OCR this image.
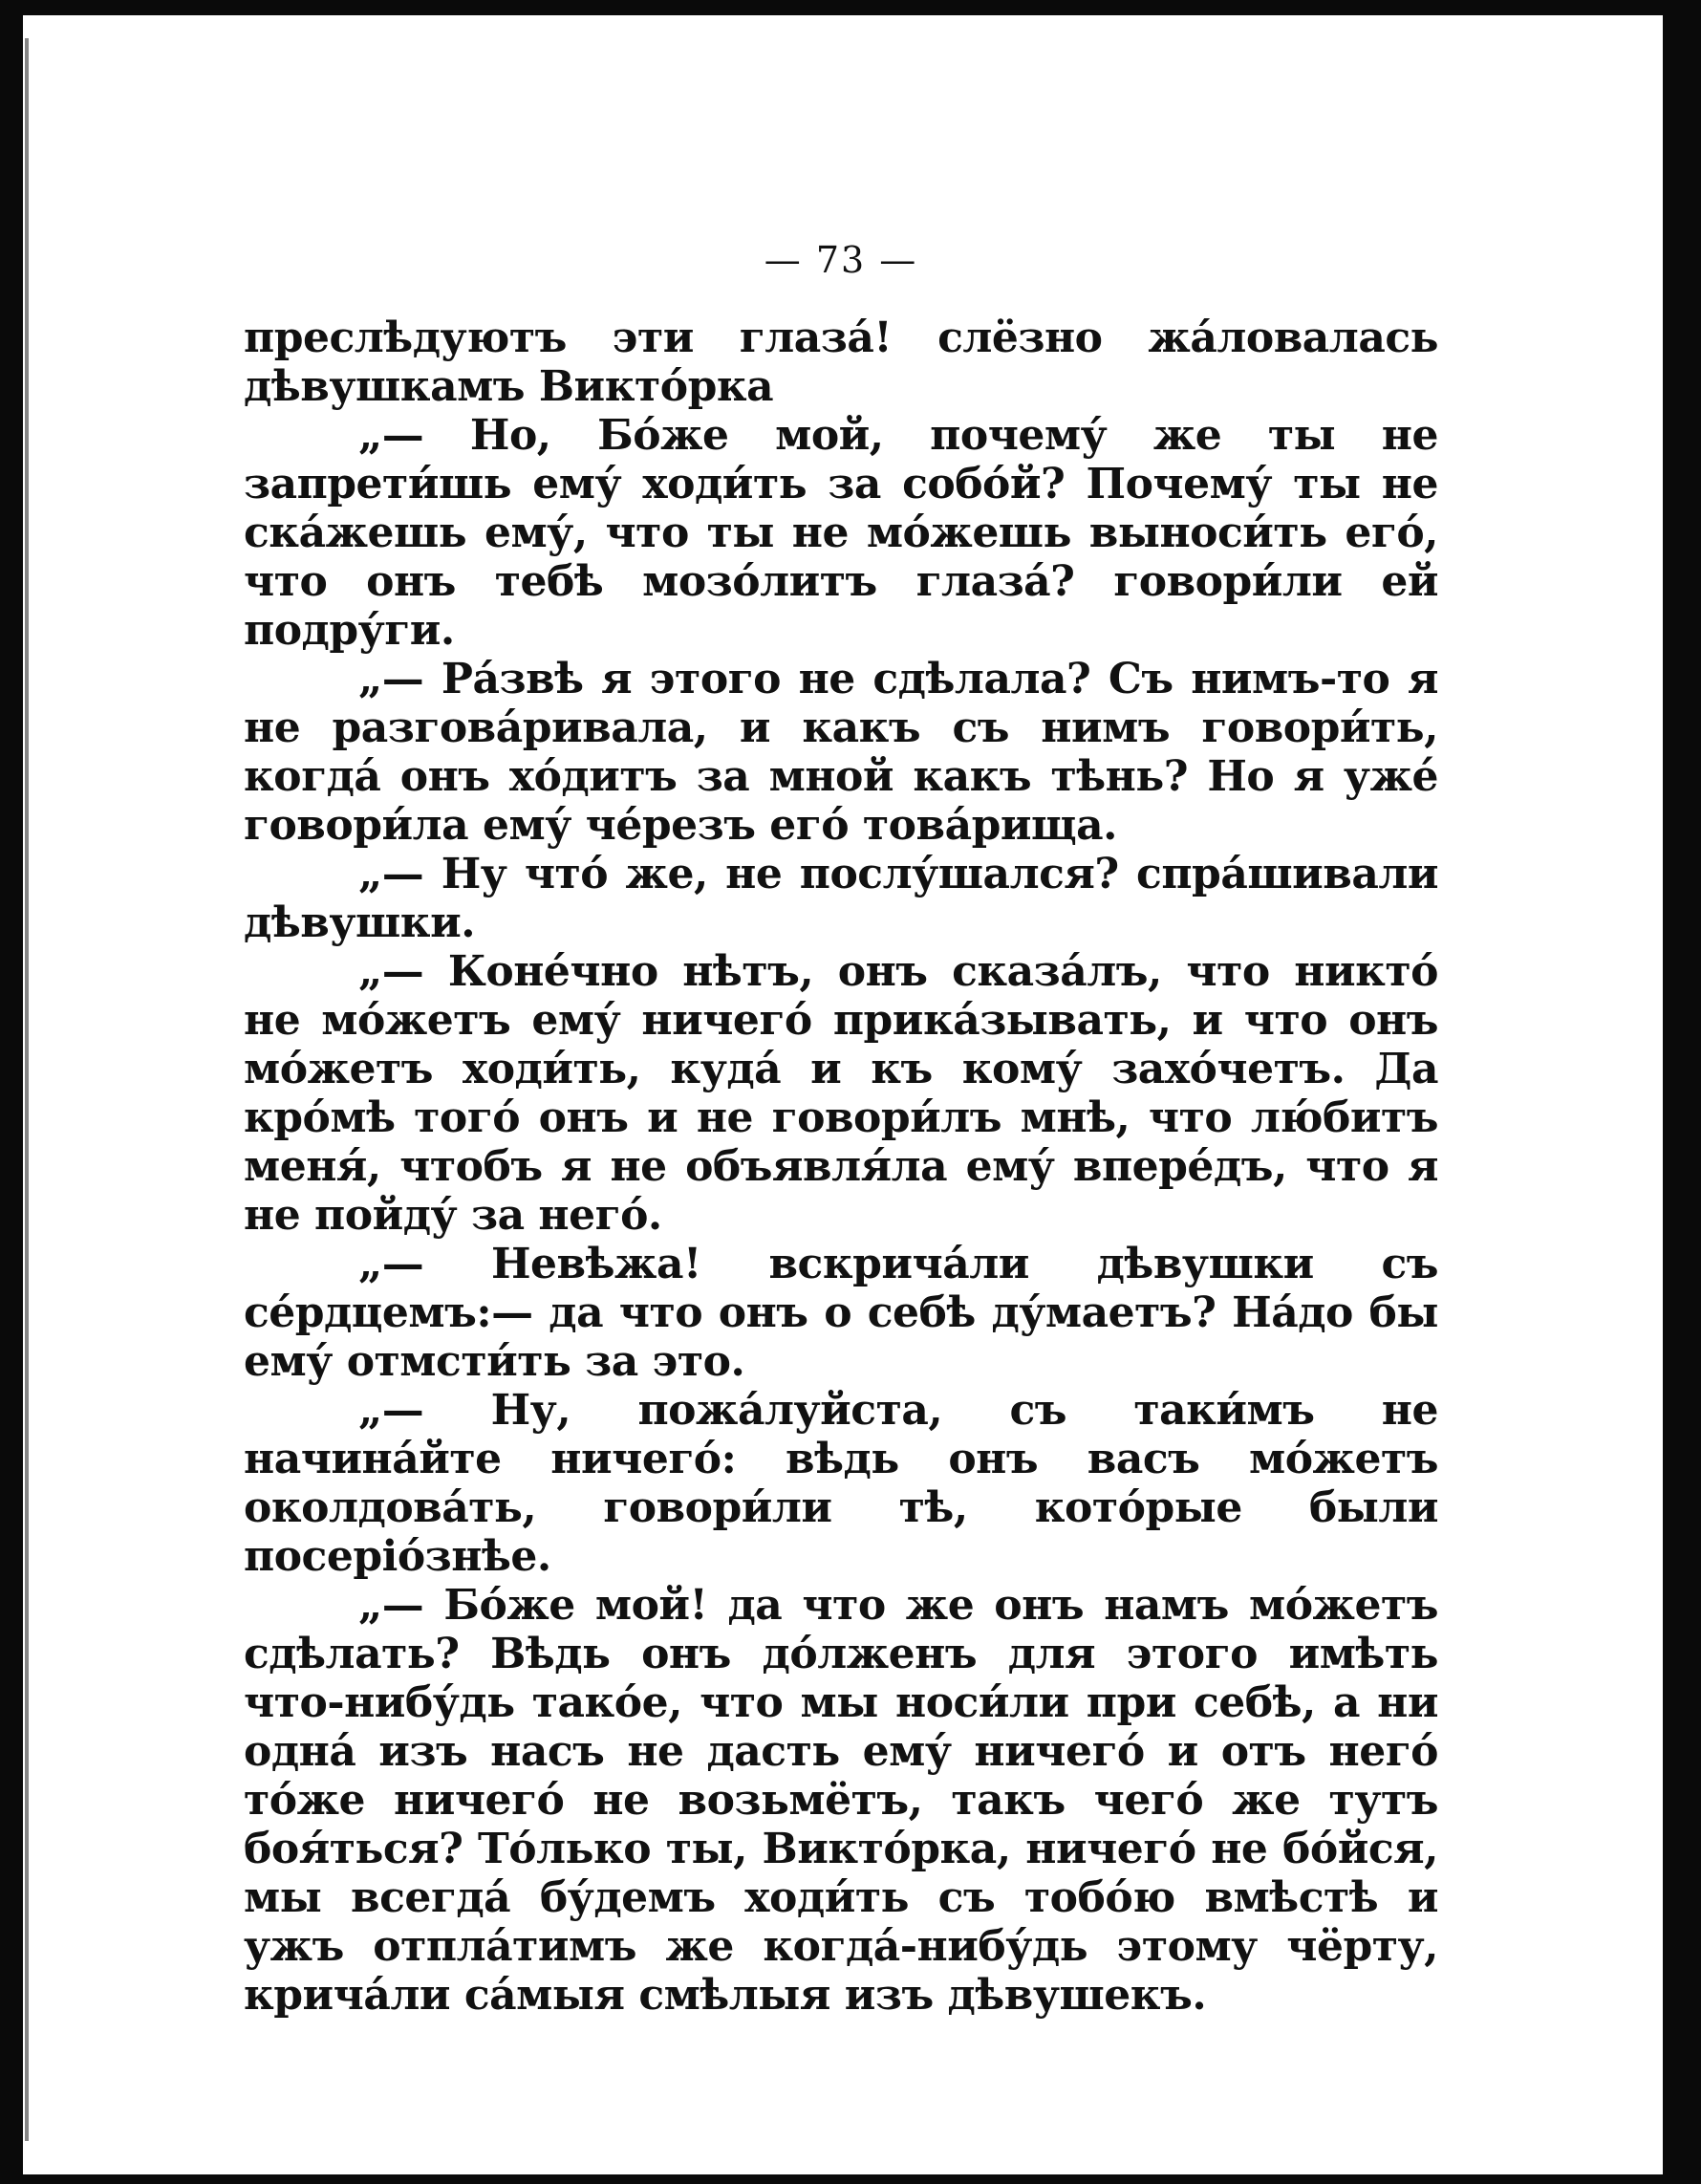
— 73 —

преслѣдуютъ эти глаза́! слёзно жа́ловалась дѣвушкамъ Викто́рка

„— Но, Бо́же мой, почему́ же ты не запрети́шь ему́ ходи́ть за собо́й? Почему́ ты не ска́жешь ему́, что ты не мо́жешь выноси́ть его́, что онъ тебѣ мозо́литъ глаза́? говори́ли ей подру́ги.

„— Ра́звѣ я этого не сдѣлала? Съ нимъ-то я не разгова́ривала, и какъ съ нимъ говори́ть, когда́ онъ хо́дитъ за мной какъ тѣнь? Но я ужé говори́ла ему́ че́резъ его́ това́рища.

„— Ну что́ же, не послу́шался? спра́шивали дѣвушки.

„— Коне́чно нѣтъ, онъ сказа́лъ, что никто́ не мо́жетъ ему́ ничего́ прика́зывать, и что онъ мо́жетъ ходи́ть, куда́ и къ кому́ захо́четъ. Да кро́мѣ того́ онъ и не говори́лъ мнѣ, что лю́битъ меня́, чтобъ я не объявля́ла ему́ впере́дъ, что я не пойду́ за него́.

„— Невѣжа! вскрича́ли дѣвушки съ се́рдцемъ:— да что онъ о себѣ ду́маетъ? На́до бы ему́ отмсти́ть за это.

„— Ну, пожа́луйста, съ таки́мъ не начина́йте ничего́: вѣдь онъ васъ мо́жетъ околдова́ть, говори́ли тѣ, кото́рые были посеріо́знѣе.

„— Бо́же мой! да что же онъ намъ мо́жетъ сдѣлать? Вѣдь онъ до́лженъ для этого имѣть что-нибу́дь тако́е, что мы носи́ли при себѣ, а ни одна́ изъ насъ не дасть ему́ ничего́ и отъ него́ то́же ничего́ не возьмётъ, такъ чего́ же тутъ боя́ться? То́лько ты, Викто́рка, ничего́ не бо́йся, мы всегда́ бу́демъ ходи́ть съ тобо́ю вмѣстѣ и ужъ отпла́тимъ же когда́-нибу́дь этому чёрту, крича́ли са́мыя смѣлыя изъ дѣвушекъ.
